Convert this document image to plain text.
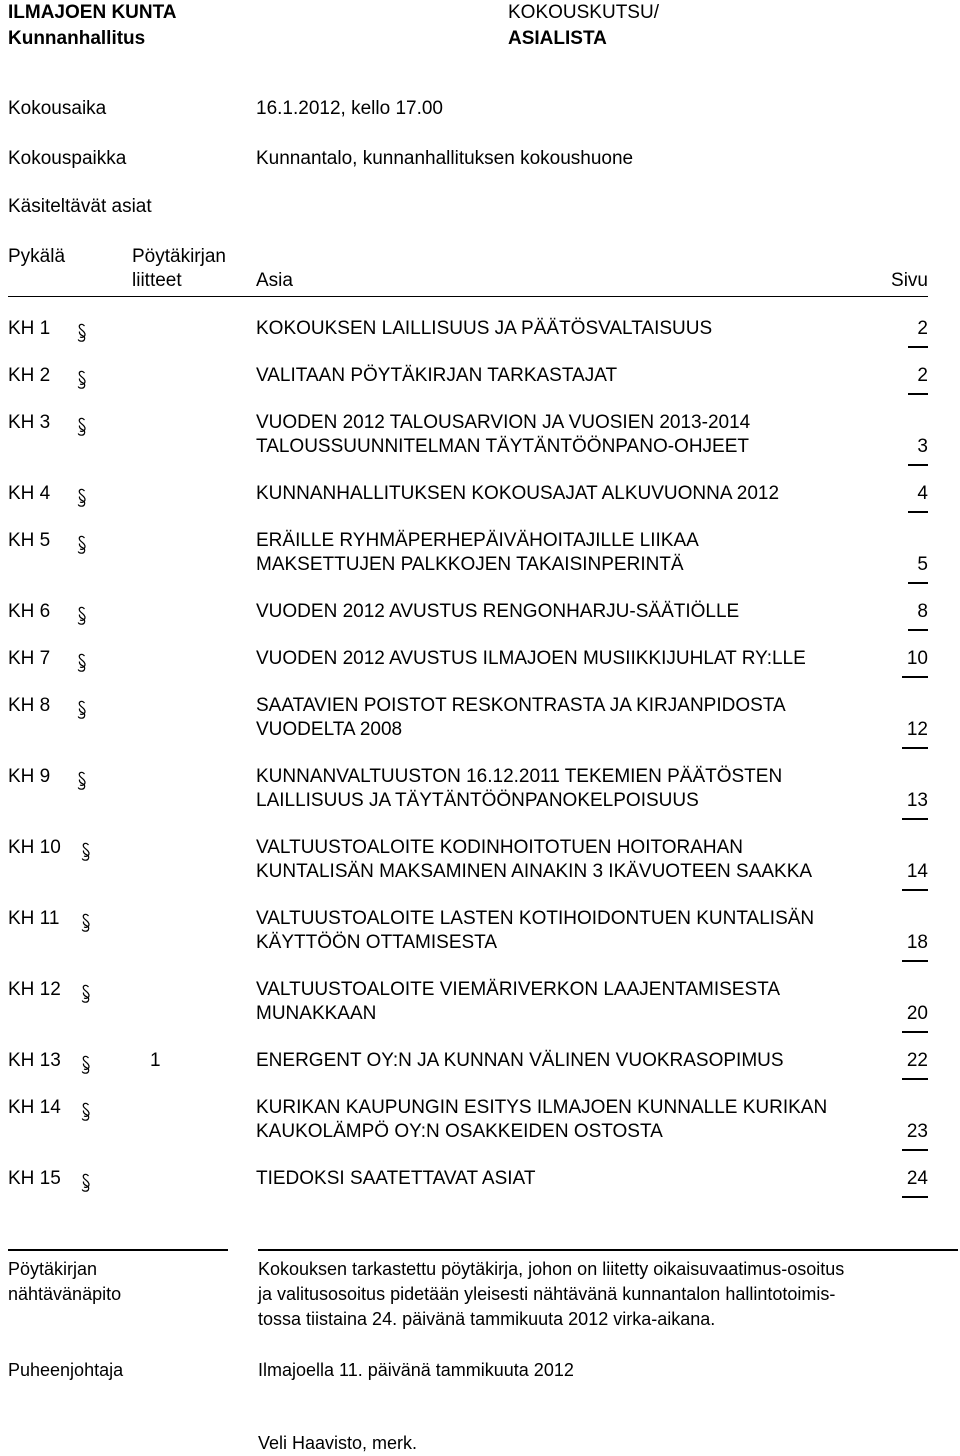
ILMAJOEN KUNTA
Kunnanhallitus
KOKOUSKUTSU/
ASIALISTA
Kokousaika	16.1.2012, kello 17.00
Kokouspaikka	Kunnantalo, kunnanhallituksen kokoushuone
Käsiteltävät asiat
Pykälä	Pöytäkirjan
liitteet	Asia	Sivu
KH 1	KOKOUKSEN LAILLISUUS JA PÄÄTÖSVALTAISUUS	2
KH 2	VALITAAN PÖYTÄKIRJAN TARKASTAJAT	2
KH 3	VUODEN 2012 TALOUSARVION JA VUOSIEN 2013-2014
TALOUSSUUNNITELMAN TÄYTÄNTÖÖNPANO-OHJEET	3
KH 4	KUNNANHALLITUKSEN KOKOUSAJAT ALKUVUONNA 2012	4
KH 5	ERÄILLE RYHMÄPERHEPÄIVÄHOITAJILLE LIIKAA
MAKSETTUJEN PALKKOJEN TAKAISINPERINTÄ	5
KH 6	VUODEN 2012 AVUSTUS RENGONHARJU-SÄÄTIÖLLE	8
KH 7	VUODEN 2012 AVUSTUS ILMAJOEN MUSIIKKIJUHLAT RY:LLE	10
KH 8	SAATAVIEN POISTOT RESKONTRASTA JA KIRJANPIDOSTA
VUODELTA 2008	12
KH 9	KUNNANVALTUUSTON 16.12.2011 TEKEMIEN PÄÄTÖSTEN
LAILLISUUS JA TÄYTÄNTÖÖNPANOKELPOISUUS	13
KH 10	VALTUUSTOALOITE KODINHOITOTUEN HOITORAHAN
KUNTALISÄN MAKSAMINEN AINAKIN 3 IKÄVUOTEEN SAAKKA	14
KH 11	VALTUUSTOALOITE LASTEN KOTIHOIDONTUEN KUNTALISÄN
KÄYTTÖÖN OTTAMISESTA	18
KH 12	VALTUUSTOALOITE VIEMÄRIVERKON LAAJENTAMISESTA
MUNAKKAAN	20
KH 13	1	ENERGENT OY:N JA KUNNAN VÄLINEN VUOKRASOPIMUS	22
KH 14	KURIKAN KAUPUNGIN ESITYS ILMAJOEN KUNNALLE KURIKAN
KAUKOLÄMPÖ OY:N OSAKKEIDEN OSTOSTA	23
KH 15	TIEDOKSI SAATETTAVAT ASIAT	24
Pöytäkirjan
nähtävänäpito
Kokouksen tarkastettu pöytäkirja, johon on liitetty oikaisuvaatimus-osoitus
ja valitusosoitus pidetään yleisesti nähtävänä kunnantalon hallintotoimis-
tossa tiistaina 24. päivänä tammikuuta 2012 virka-aikana.
Puheenjohtaja	Ilmajoella 11. päivänä tammikuuta 2012
Veli Haavisto, merk.
